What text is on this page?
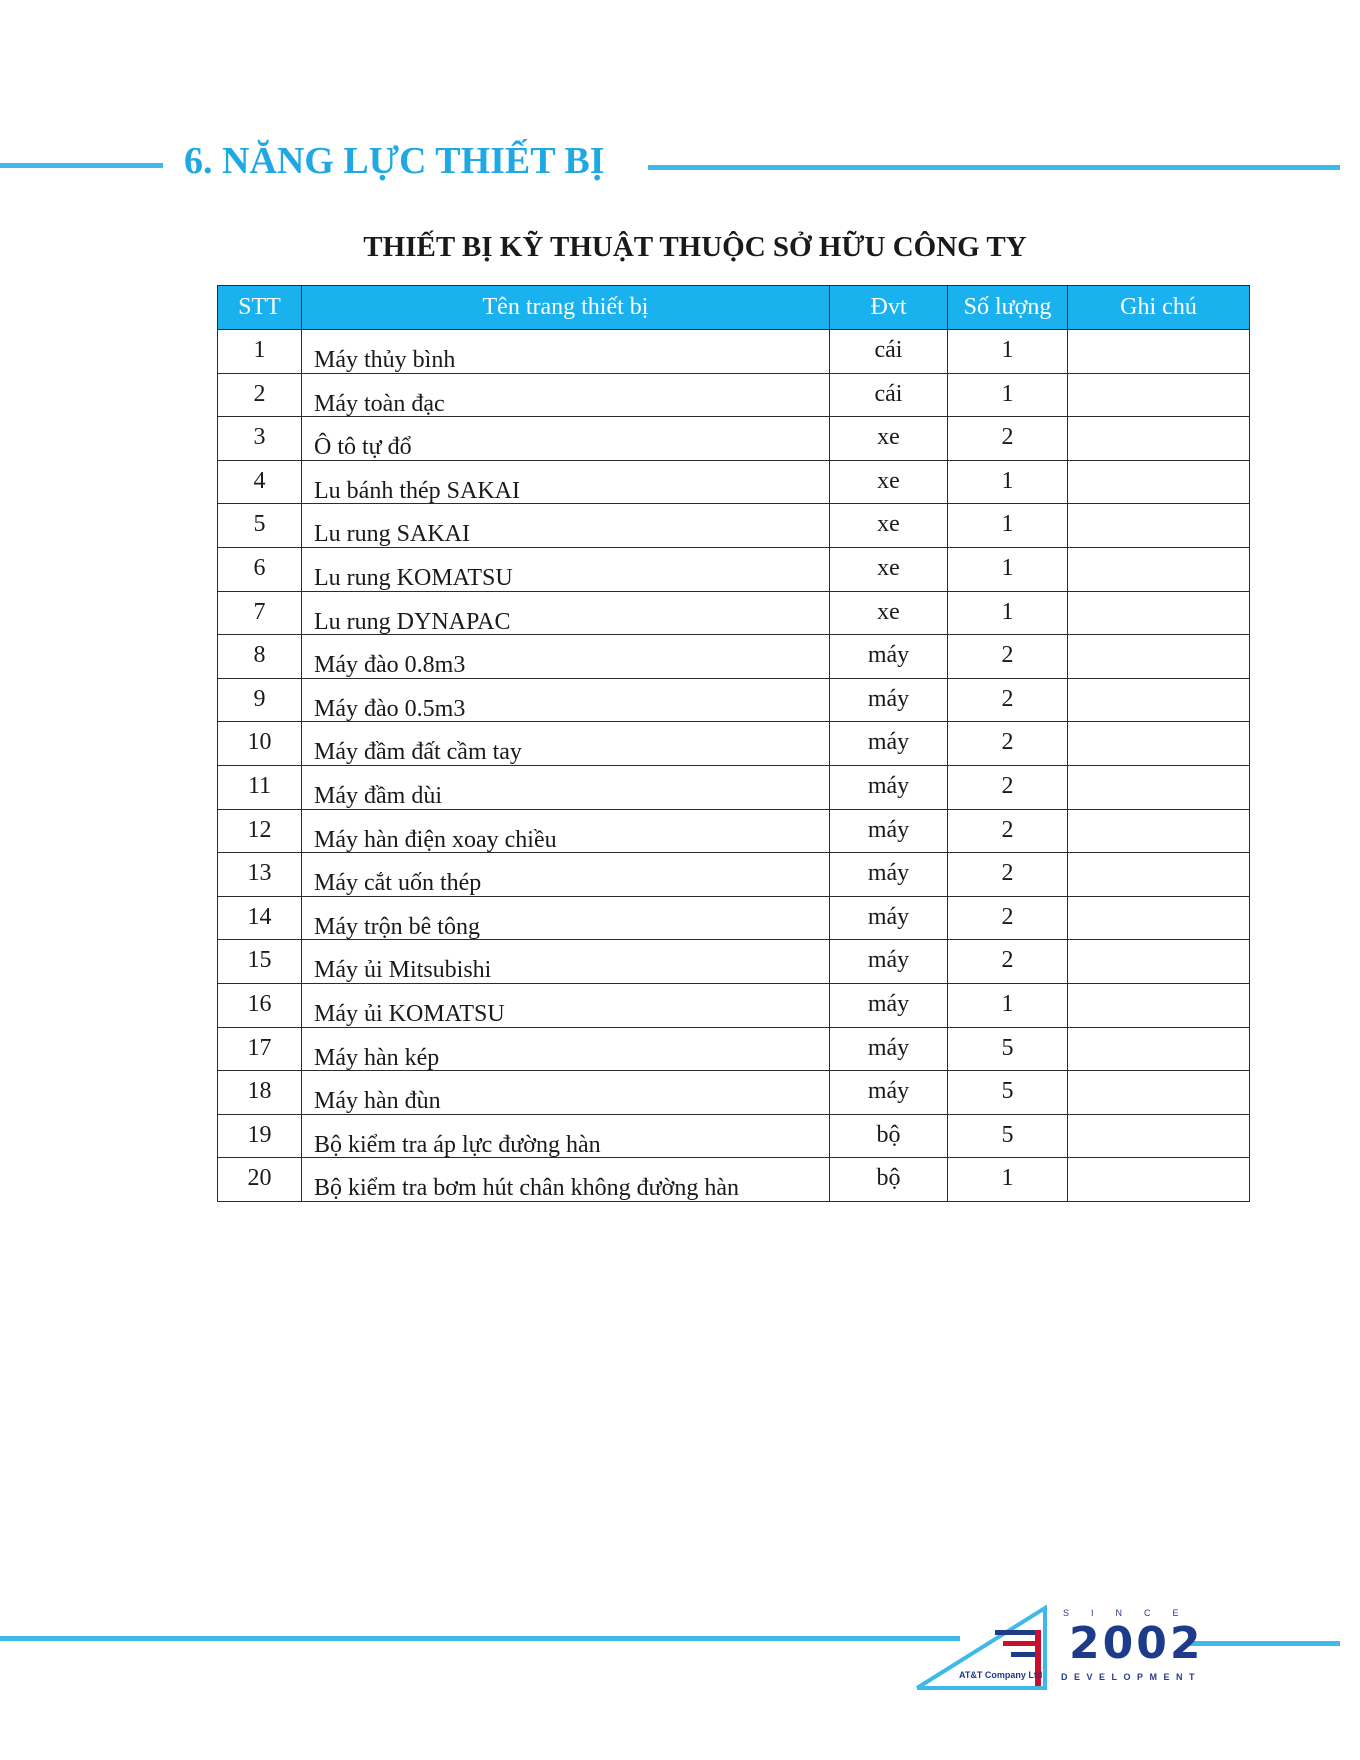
6. NĂNG LỰC THIẾT BỊ
THIẾT BỊ KỸ THUẬT THUỘC SỞ HỮU CÔNG TY
STT	Tên trang thiết bị	Đvt	Số lượng	Ghi chú
1	Máy thủy bình	cái	1	
2	Máy toàn đạc	cái	1	
3	Ô tô tự đổ	xe	2	
4	Lu bánh thép SAKAI	xe	1	
5	Lu rung SAKAI	xe	1	
6	Lu rung KOMATSU	xe	1	
7	Lu rung DYNAPAC	xe	1	
8	Máy đào 0.8m3	máy	2	
9	Máy đào 0.5m3	máy	2	
10	Máy đầm đất cầm tay	máy	2	
11	Máy đầm dùi	máy	2	
12	Máy hàn điện xoay chiều	máy	2	
13	Máy cắt uốn thép	máy	2	
14	Máy trộn bê tông	máy	2	
15	Máy ủi Mitsubishi	máy	2	
16	Máy ủi KOMATSU	máy	1	
17	Máy hàn kép	máy	5	
18	Máy hàn đùn	máy	5	
19	Bộ kiểm tra áp lực đường hàn	bộ	5	
20	Bộ kiểm tra bơm hút chân không đường hàn	bộ	1	
SINCE
2002
DEVELOPMENT
AT&T Company Ltd
